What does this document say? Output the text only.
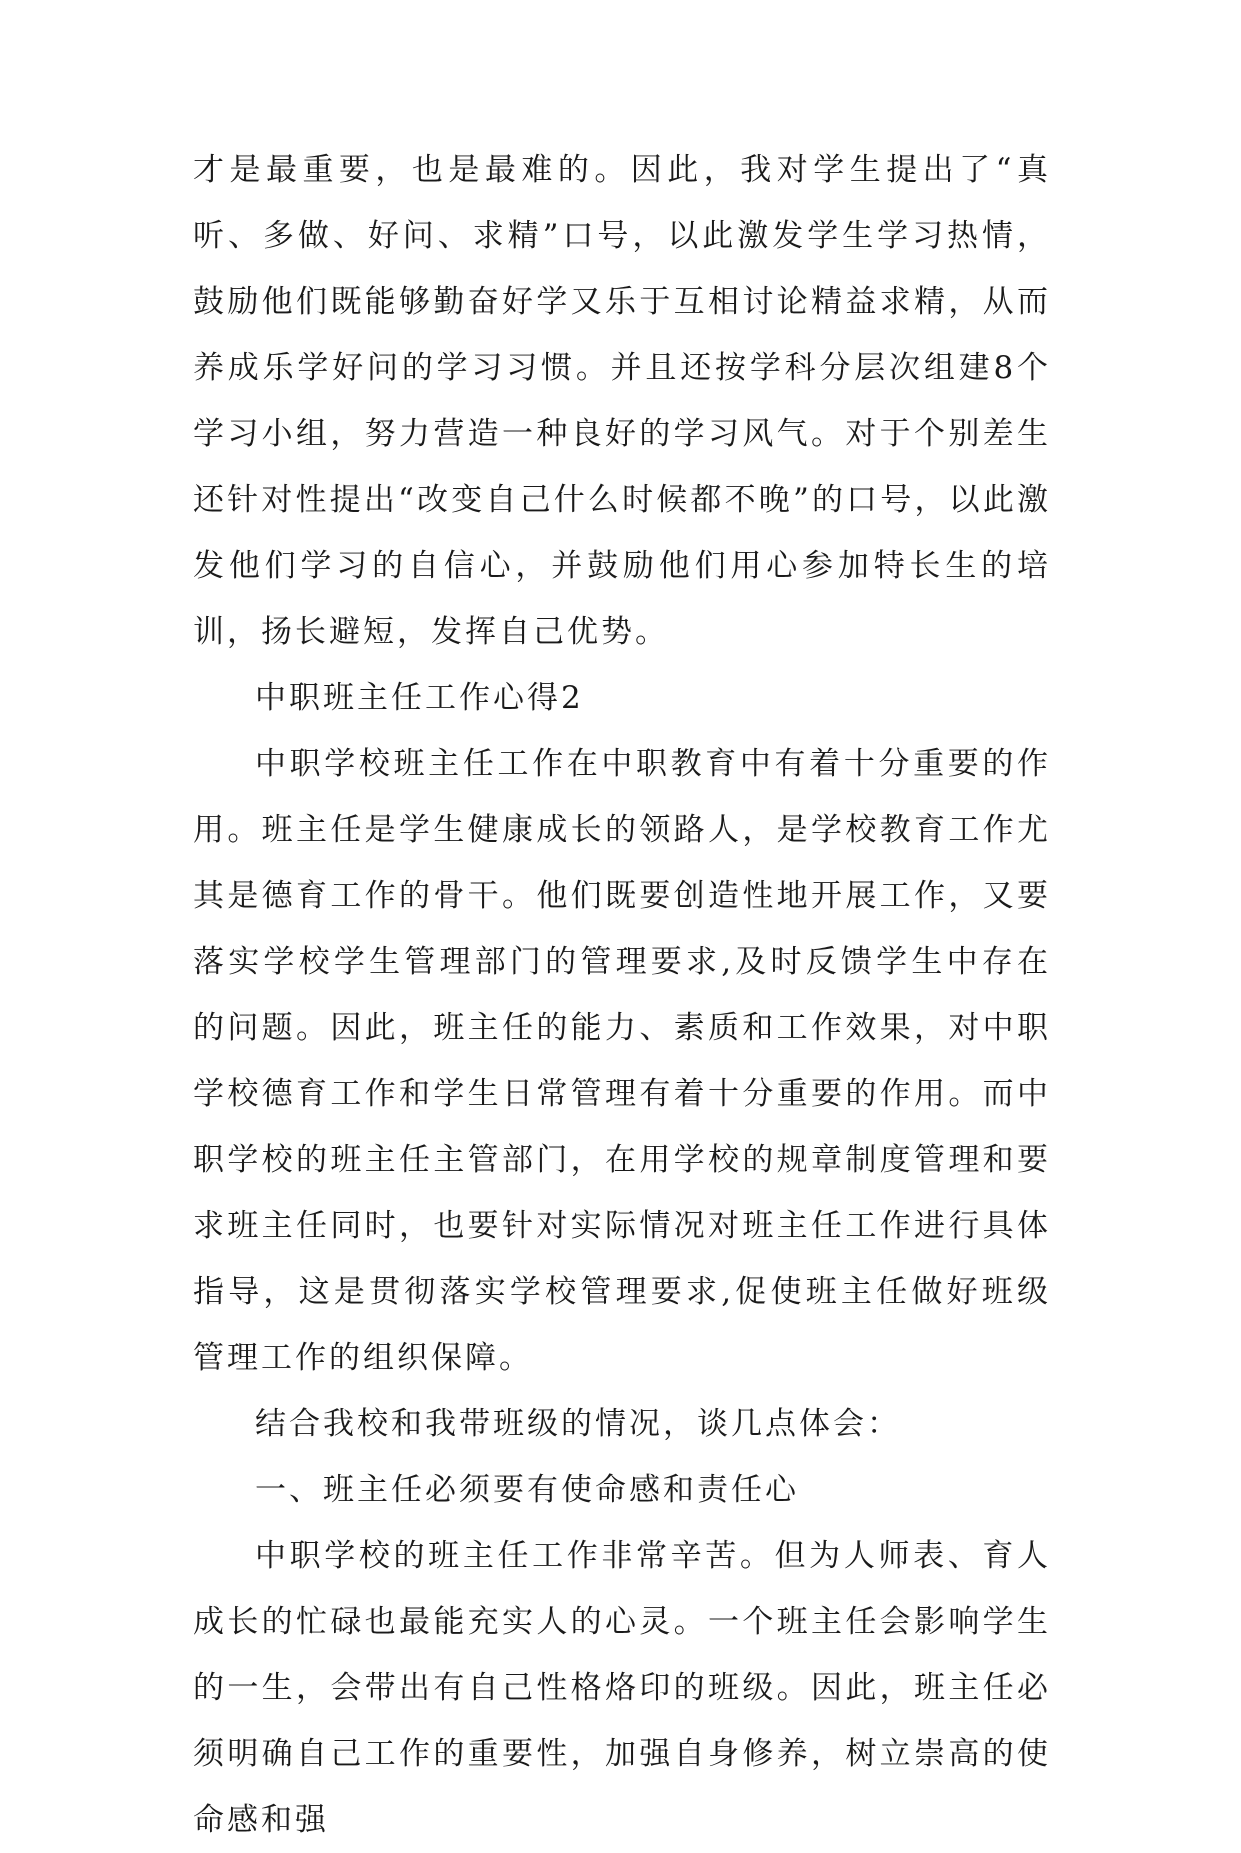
才是最重要，也是最难的。因此，我对学生提出了“真听、多做、好问、求精”口号，以此激发学生学习热情，鼓励他们既能够勤奋好学又乐于互相讨论精益求精，从而养成乐学好问的学习习惯。并且还按学科分层次组建8个学习小组，努力营造一种良好的学习风气。对于个别差生还针对性提出“改变自己什么时候都不晚”的口号，以此激发他们学习的自信心，并鼓励他们用心参加特长生的培训，扬长避短，发挥自己优势。

中职班主任工作心得2

中职学校班主任工作在中职教育中有着十分重要的作用。班主任是学生健康成长的领路人，是学校教育工作尤其是德育工作的骨干。他们既要创造性地开展工作，又要落实学校学生管理部门的管理要求,及时反馈学生中存在的问题。因此，班主任的能力、素质和工作效果，对中职学校德育工作和学生日常管理有着十分重要的作用。而中职学校的班主任主管部门，在用学校的规章制度管理和要求班主任同时，也要针对实际情况对班主任工作进行具体指导，这是贯彻落实学校管理要求,促使班主任做好班级管理工作的组织保障。

结合我校和我带班级的情况，谈几点体会：

一、班主任必须要有使命感和责任心

中职学校的班主任工作非常辛苦。但为人师表、育人成长的忙碌也最能充实人的心灵。一个班主任会影响学生的一生，会带出有自己性格烙印的班级。因此，班主任必须明确自己工作的重要性，加强自身修养，树立崇高的使命感和强
